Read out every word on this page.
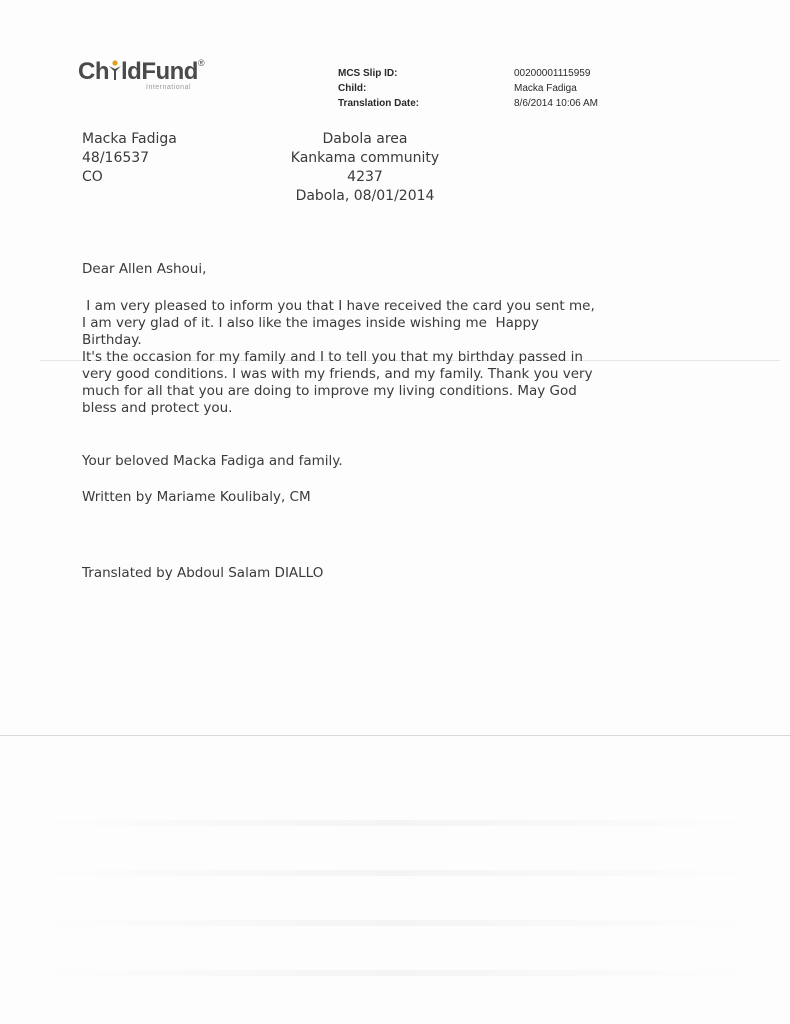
Ch ldFund®
International
MCS Slip ID:
Child:
Translation Date:
00200001115959
Macka Fadiga
8/6/2014 10:06 AM
Macka Fadiga
48/16537
CO
Dabola area
Kankama community
4237
Dabola, 08/01/2014
Dear Allen Ashoui,
I am very pleased to inform you that I have received the card you sent me,
I am very glad of it. I also like the images inside wishing me  Happy
Birthday.
It's the occasion for my family and I to tell you that my birthday passed in
very good conditions. I was with my friends, and my family. Thank you very
much for all that you are doing to improve my living conditions. May God
bless and protect you.
Your beloved Macka Fadiga and family.
Written by Mariame Koulibaly, CM
Translated by Abdoul Salam DIALLO
